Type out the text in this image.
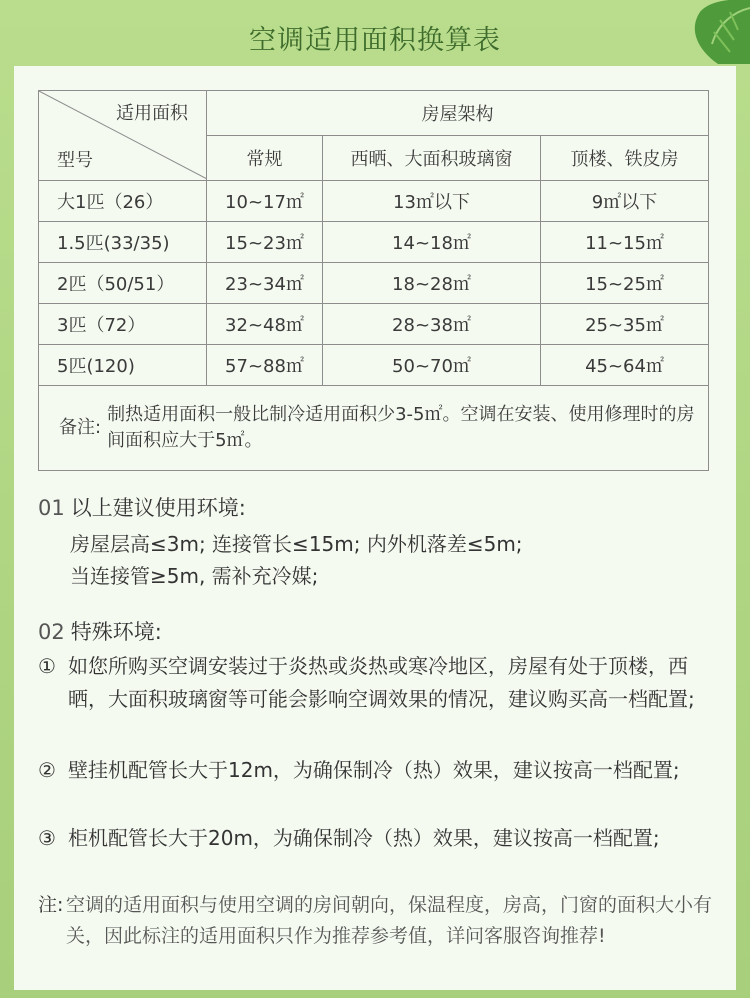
空调适用面积换算表
适用面积
型号	房屋架构		
	常规	西晒、大面积玻璃窗	顶楼、铁皮房
大1匹（26）	10~17㎡	13㎡以下	9㎡以下
1.5匹(33/35)	15~23㎡	14~18㎡	11~15㎡
2匹（50/51）	23~34㎡	18~28㎡	15~25㎡
3匹（72）	32~48㎡	28~38㎡	25~35㎡
5匹(120)	57~88㎡	50~70㎡	45~64㎡

备注:
制热适用面积一般比制冷适用面积少3-5㎡。空调在安装、使用修理时的房间面积应大于5㎡。			
01 以上建议使用环境:
房屋层高≤3m; 连接管长≤15m; 内外机落差≤5m;
当连接管≥5m, 需补充冷媒;
02 特殊环境:
① 如您所购买空调安装过于炎热或炎热或寒冷地区，房屋有处于顶楼，西晒，大面积玻璃窗等可能会影响空调效果的情况，建议购买高一档配置;
② 壁挂机配管长大于12m，为确保制冷（热）效果，建议按高一档配置;
③ 柜机配管长大于20m，为确保制冷（热）效果，建议按高一档配置;
注: 空调的适用面积与使用空调的房间朝向，保温程度，房高，门窗的面积大小有关，因此标注的适用面积只作为推荐参考值，详问客服咨询推荐!
